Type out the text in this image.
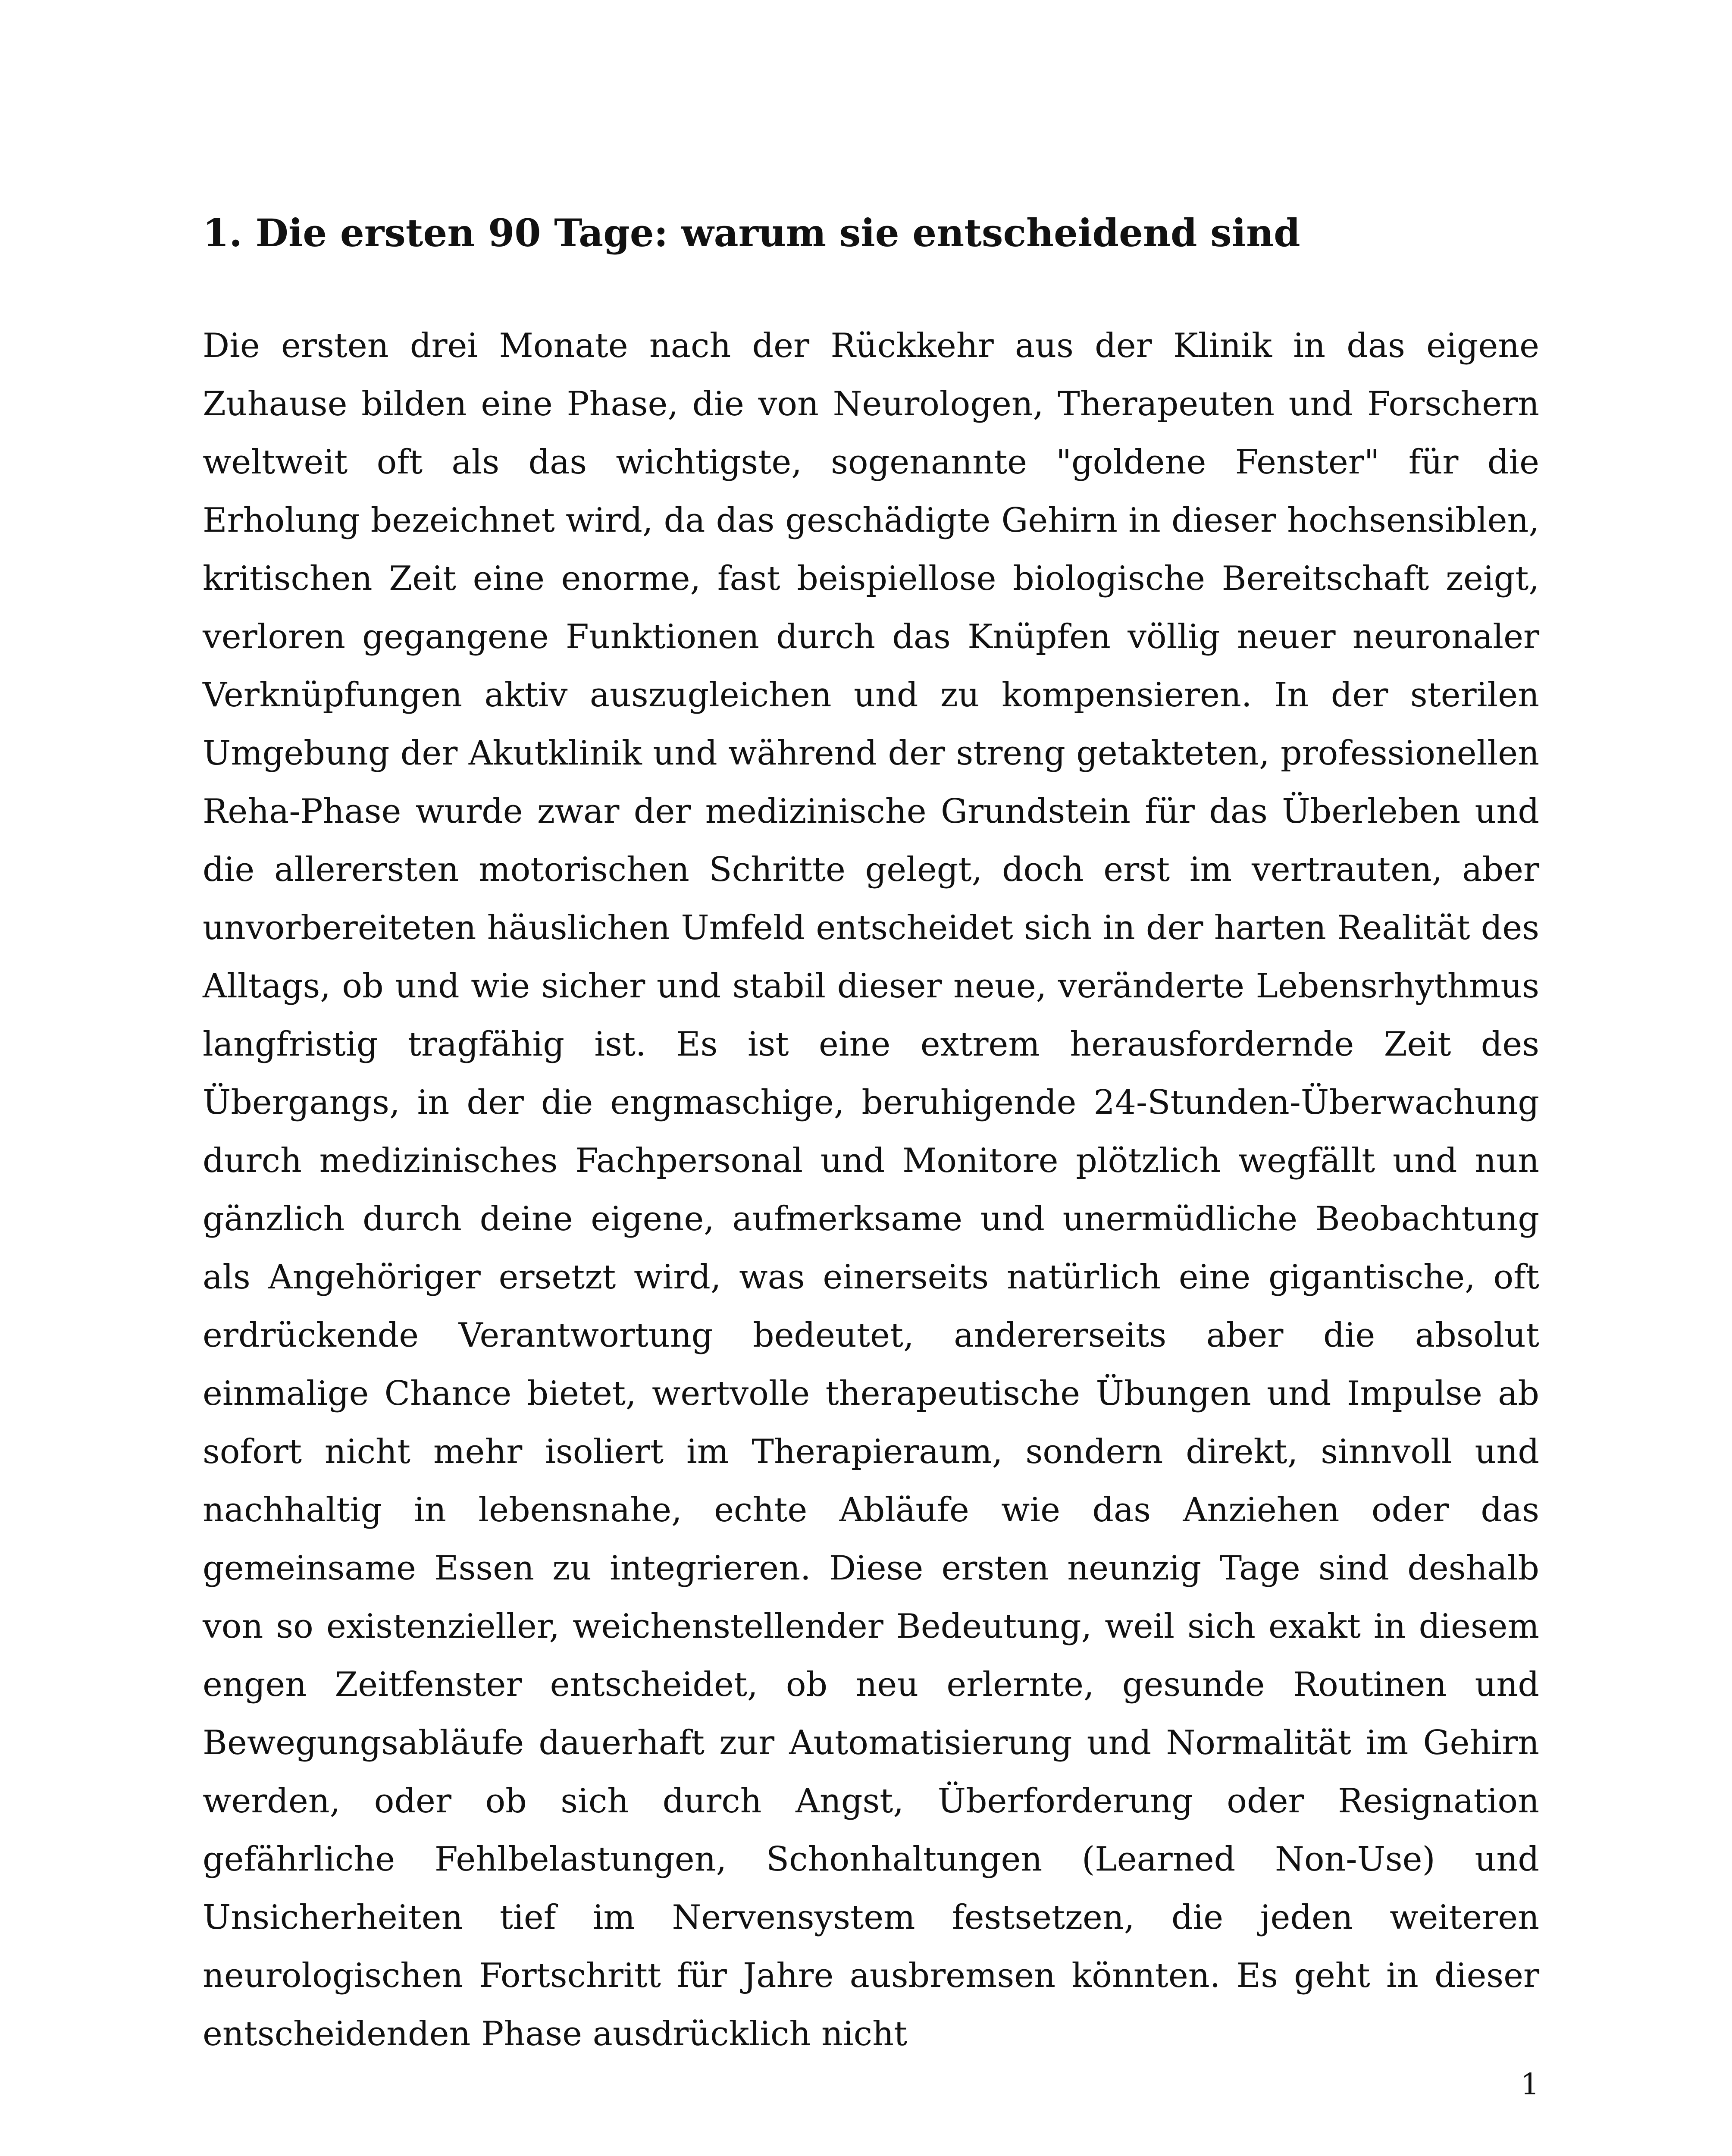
1. Die ersten 90 Tage: warum sie entscheidend sind

Die ersten drei Monate nach der Rückkehr aus der Klinik in das eigene Zuhause bilden eine Phase, die von Neurologen, Therapeuten und Forschern weltweit oft als das wichtigste, sogenannte "goldene Fenster" für die Erholung bezeichnet wird, da das geschädigte Gehirn in dieser hochsensiblen, kritischen Zeit eine enorme, fast beispiellose biologische Bereitschaft zeigt, verloren gegangene Funktionen durch das Knüpfen völlig neuer neuronaler Verknüpfungen aktiv auszugleichen und zu kompensieren. In der sterilen Umgebung der Akutklinik und während der streng getakteten, professionellen Reha-Phase wurde zwar der medizinische Grundstein für das Überleben und die allerersten motorischen Schritte gelegt, doch erst im vertrauten, aber unvorbereiteten häuslichen Umfeld entscheidet sich in der harten Realität des Alltags, ob und wie sicher und stabil dieser neue, veränderte Lebensrhythmus langfristig tragfähig ist. Es ist eine extrem herausfordernde Zeit des Übergangs, in der die engmaschige, beruhigende 24-Stunden-Überwachung durch medizinisches Fachpersonal und Monitore plötzlich wegfällt und nun gänzlich durch deine eigene, aufmerksame und unermüdliche Beobachtung als Angehöriger ersetzt wird, was einerseits natürlich eine gigantische, oft erdrückende Verantwortung bedeutet, andererseits aber die absolut einmalige Chance bietet, wertvolle therapeutische Übungen und Impulse ab sofort nicht mehr isoliert im Therapieraum, sondern direkt, sinnvoll und nachhaltig in lebensnahe, echte Abläufe wie das Anziehen oder das gemeinsame Essen zu integrieren. Diese ersten neunzig Tage sind deshalb von so existenzieller, weichenstellender Bedeutung, weil sich exakt in diesem engen Zeitfenster entscheidet, ob neu erlernte, gesunde Routinen und Bewegungsabläufe dauerhaft zur Automatisierung und Normalität im Gehirn werden, oder ob sich durch Angst, Überforderung oder Resignation gefährliche Fehlbelastungen, Schonhaltungen (Learned Non-Use) und Unsicherheiten tief im Nervensystem festsetzen, die jeden weiteren neurologischen Fortschritt für Jahre ausbremsen könnten. Es geht in dieser entscheidenden Phase ausdrücklich nicht

1
